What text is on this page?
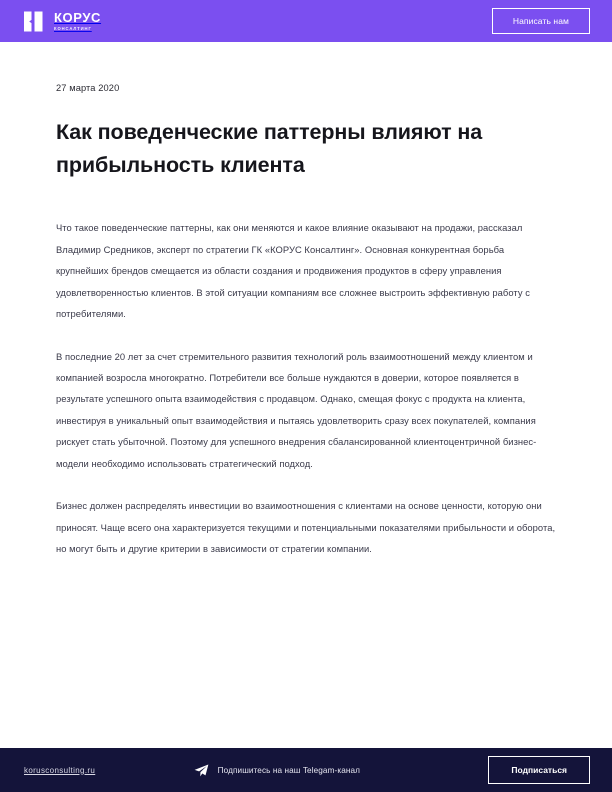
КОРУС
КОНСАЛТИНГ
Написать нам
27 марта 2020
Как поведенческие паттерны влияют на прибыльность клиента

Что такое поведенческие паттерны, как они меняются и какое влияние оказывают на продажи, рассказал Владимир Средников, эксперт по стратегии ГК «КОРУС Консалтинг». Основная конкурентная борьба крупнейших брендов смещается из области создания и продвижения продуктов в сферу управления удовлетворенностью клиентов. В этой ситуации компаниям все сложнее выстроить эффективную работу с потребителями.

В последние 20 лет за счет стремительного развития технологий роль взаимоотношений между клиентом и компанией возросла многократно. Потребители все больше нуждаются в доверии, которое появляется в результате успешного опыта взаимодействия с продавцом. Однако, смещая фокус с продукта на клиента, инвестируя в уникальный опыт взаимодействия и пытаясь удовлетворить сразу всех покупателей, компания рискует стать убыточной. Поэтому для успешного внедрения сбалансированной клиентоцентричной бизнес-модели необходимо использовать стратегический подход.

Бизнес должен распределять инвестиции во взаимоотношения с клиентами на основе ценности, которую они приносят. Чаще всего она характеризуется текущими и потенциальными показателями прибыльности и оборота, но могут быть и другие критерии в зависимости от стратегии компании.

korusconsulting.ru	Подпишитесь на наш Telegam-канал	Подписаться
